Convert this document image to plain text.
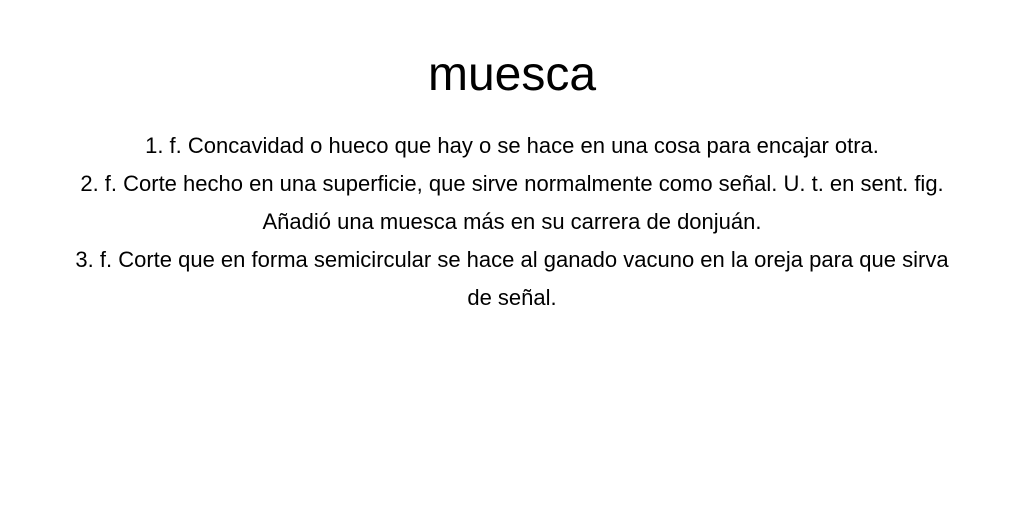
muesca
1. f. Concavidad o hueco que hay o se hace en una cosa para encajar otra.
2. f. Corte hecho en una superficie, que sirve normalmente como señal. U. t. en sent. fig. Añadió una muesca más en su carrera de donjuán.
3. f. Corte que en forma semicircular se hace al ganado vacuno en la oreja para que sirva de señal.
